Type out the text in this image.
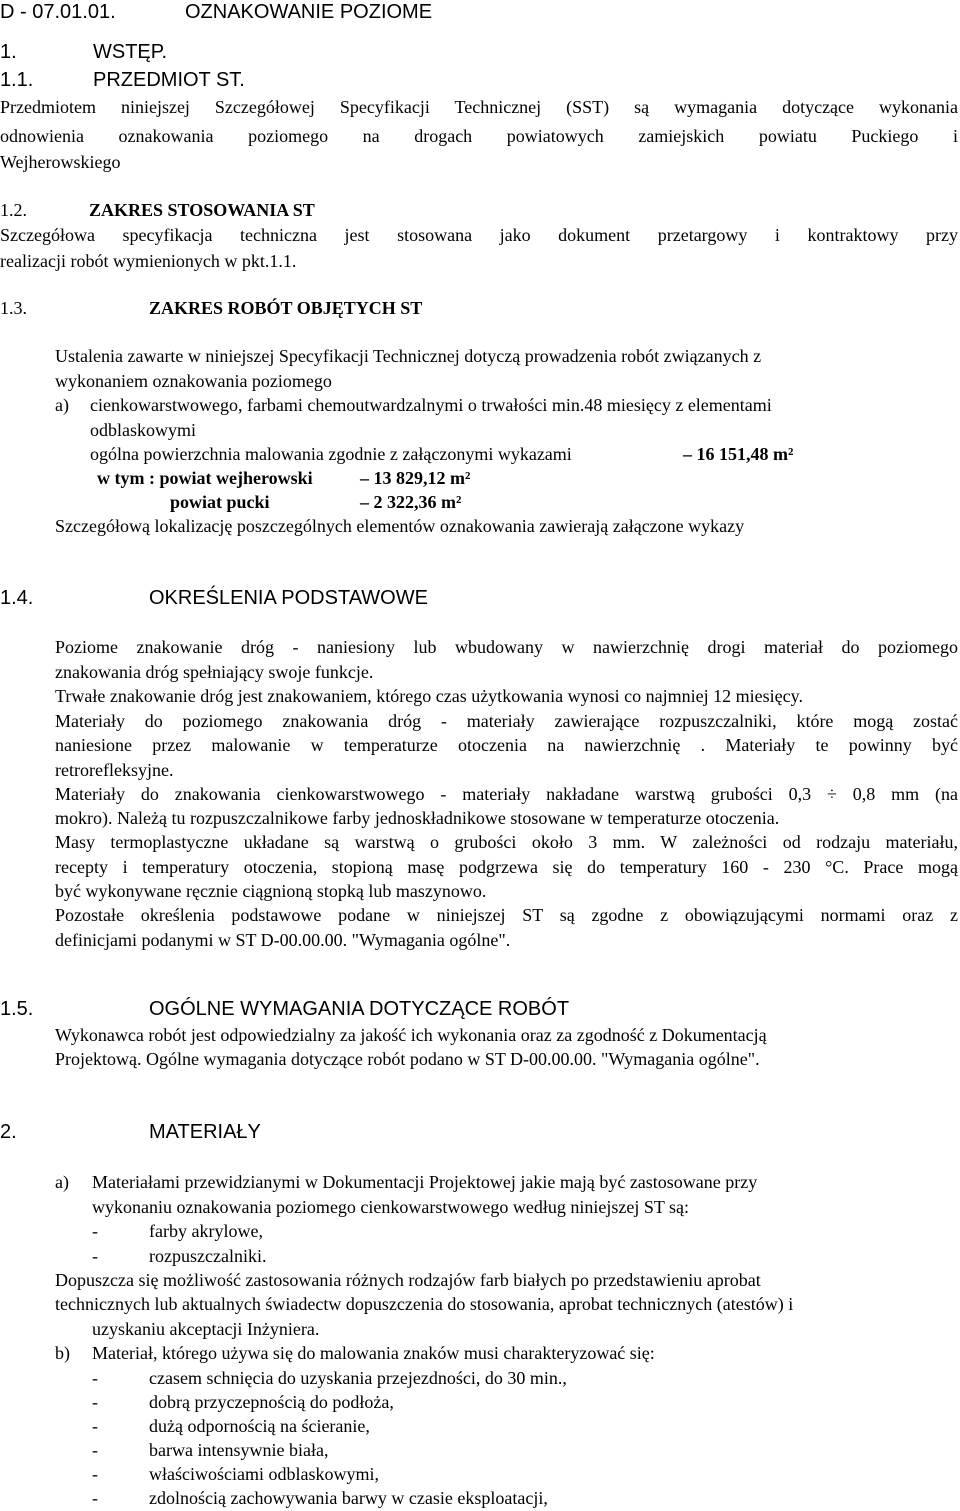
D - 07.01.01.	OZNAKOWANIE POZIOME
1.	WSTĘP.
1.1.	PRZEDMIOT ST.
Przedmiotem niniejszej Szczegółowej Specyfikacji Technicznej (SST) są wymagania dotyczące wykonania
odnowienia oznakowania poziomego na drogach powiatowych zamiejskich powiatu Puckiego i
Wejherowskiego
1.2.	ZAKRES STOSOWANIA ST
Szczegółowa specyfikacja techniczna jest stosowana jako dokument przetargowy i kontraktowy przy
realizacji robót wymienionych w pkt.1.1.
1.3.	ZAKRES ROBÓT OBJĘTYCH ST
Ustalenia zawarte w niniejszej Specyfikacji Technicznej dotyczą prowadzenia robót związanych z
wykonaniem oznakowania poziomego
a) cienkowarstwowego, farbami chemoutwardzalnymi o trwałości min.48 miesięcy z elementami
odblaskowymi
ogólna powierzchnia malowania zgodnie z załączonymi wykazami	– 16 151,48 m²
w tym : powiat wejherowski	– 13 829,12 m²
powiat pucki	– 2 322,36 m²
Szczegółową lokalizację poszczególnych elementów oznakowania zawierają załączone wykazy
1.4.	OKREŚLENIA PODSTAWOWE
Poziome znakowanie dróg - naniesiony lub wbudowany w nawierzchnię drogi materiał do poziomego
znakowania dróg spełniający swoje funkcje.
Trwałe znakowanie dróg jest znakowaniem, którego czas użytkowania wynosi co najmniej 12 miesięcy.
Materiały do poziomego znakowania dróg - materiały zawierające rozpuszczalniki, które mogą zostać
naniesione przez malowanie w temperaturze otoczenia na nawierzchnię . Materiały te powinny być
retrorefleksyjne.
Materiały do znakowania cienkowarstwowego - materiały nakładane warstwą grubości 0,3 ÷ 0,8 mm (na
mokro). Należą tu rozpuszczalnikowe farby jednoskładnikowe stosowane w temperaturze otoczenia.
Masy termoplastyczne układane są warstwą o grubości około 3 mm. W zależności od rodzaju materiału,
recepty i temperatury otoczenia, stopioną masę podgrzewa się do temperatury 160 - 230 °C. Prace mogą
być wykonywane ręcznie ciągnioną stopką lub maszynowo.
Pozostałe określenia podstawowe podane w niniejszej ST są zgodne z obowiązującymi normami oraz z
definicjami podanymi w ST D-00.00.00. "Wymagania ogólne".
1.5.	OGÓLNE WYMAGANIA DOTYCZĄCE ROBÓT
Wykonawca robót jest odpowiedzialny za jakość ich wykonania oraz za zgodność z Dokumentacją
Projektową. Ogólne wymagania dotyczące robót podano w ST D-00.00.00. "Wymagania ogólne".
2.	MATERIAŁY
a) Materiałami przewidzianymi w Dokumentacji Projektowej jakie mają być zastosowane przy
wykonaniu oznakowania poziomego cienkowarstwowego według niniejszej ST są:
-	farby akrylowe,
-	rozpuszczalniki.
Dopuszcza się możliwość zastosowania różnych rodzajów farb białych po przedstawieniu aprobat
technicznych lub aktualnych świadectw dopuszczenia do stosowania, aprobat technicznych (atestów) i
uzyskaniu akceptacji Inżyniera.
b) Materiał, którego używa się do malowania znaków musi charakteryzować się:
-	czasem schnięcia do uzyskania przejezdności, do 30 min.,
-	dobrą przyczepnością do podłoża,
-	dużą odpornością na ścieranie,
-	barwa intensywnie biała,
-	właściwościami odblaskowymi,
-	zdolnością zachowywania barwy w czasie eksploatacji,
